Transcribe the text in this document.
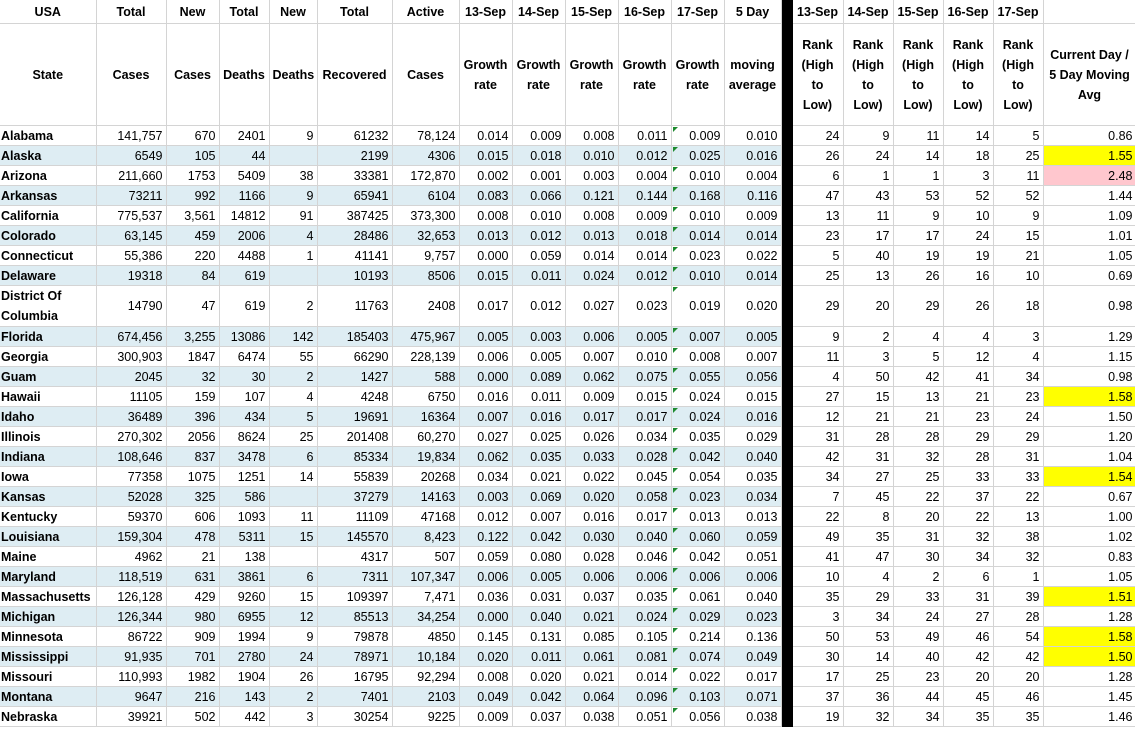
USA	Total	New	Total	New	Total	Active	13-Sep	14-Sep	15-Sep	16-Sep	17-Sep	5 Day		13-Sep	14-Sep	15-Sep	16-Sep	17-Sep	
State	Cases	Cases	Deaths	Deaths	Recovered	Cases	Growth rate	Growth rate	Growth rate	Growth rate	Growth rate	moving average		Rank (High to Low)	Rank (High to Low)	Rank (High to Low)	Rank (High to Low)	Rank (High to Low)	Current Day / 5 Day Moving Avg
Alabama	141,757	670	2401	9	61232	78,124	0.014	0.009	0.008	0.011	0.009	0.010		24	9	11	14	5	0.86
Alaska	6549	105	44		2199	4306	0.015	0.018	0.010	0.012	0.025	0.016		26	24	14	18	25	1.55
Arizona	211,660	1753	5409	38	33381	172,870	0.002	0.001	0.003	0.004	0.010	0.004		6	1	1	3	11	2.48
Arkansas	73211	992	1166	9	65941	6104	0.083	0.066	0.121	0.144	0.168	0.116		47	43	53	52	52	1.44
California	775,537	3,561	14812	91	387425	373,300	0.008	0.010	0.008	0.009	0.010	0.009		13	11	9	10	9	1.09
Colorado	63,145	459	2006	4	28486	32,653	0.013	0.012	0.013	0.018	0.014	0.014		23	17	17	24	15	1.01
Connecticut	55,386	220	4488	1	41141	9,757	0.000	0.059	0.014	0.014	0.023	0.022		5	40	19	19	21	1.05
Delaware	19318	84	619		10193	8506	0.015	0.011	0.024	0.012	0.010	0.014		25	13	26	16	10	0.69
District Of Columbia	14790	47	619	2	11763	2408	0.017	0.012	0.027	0.023	0.019	0.020		29	20	29	26	18	0.98
Florida	674,456	3,255	13086	142	185403	475,967	0.005	0.003	0.006	0.005	0.007	0.005		9	2	4	4	3	1.29
Georgia	300,903	1847	6474	55	66290	228,139	0.006	0.005	0.007	0.010	0.008	0.007		11	3	5	12	4	1.15
Guam	2045	32	30	2	1427	588	0.000	0.089	0.062	0.075	0.055	0.056		4	50	42	41	34	0.98
Hawaii	11105	159	107	4	4248	6750	0.016	0.011	0.009	0.015	0.024	0.015		27	15	13	21	23	1.58
Idaho	36489	396	434	5	19691	16364	0.007	0.016	0.017	0.017	0.024	0.016		12	21	21	23	24	1.50
Illinois	270,302	2056	8624	25	201408	60,270	0.027	0.025	0.026	0.034	0.035	0.029		31	28	28	29	29	1.20
Indiana	108,646	837	3478	6	85334	19,834	0.062	0.035	0.033	0.028	0.042	0.040		42	31	32	28	31	1.04
Iowa	77358	1075	1251	14	55839	20268	0.034	0.021	0.022	0.045	0.054	0.035		34	27	25	33	33	1.54
Kansas	52028	325	586		37279	14163	0.003	0.069	0.020	0.058	0.023	0.034		7	45	22	37	22	0.67
Kentucky	59370	606	1093	11	11109	47168	0.012	0.007	0.016	0.017	0.013	0.013		22	8	20	22	13	1.00
Louisiana	159,304	478	5311	15	145570	8,423	0.122	0.042	0.030	0.040	0.060	0.059		49	35	31	32	38	1.02
Maine	4962	21	138		4317	507	0.059	0.080	0.028	0.046	0.042	0.051		41	47	30	34	32	0.83
Maryland	118,519	631	3861	6	7311	107,347	0.006	0.005	0.006	0.006	0.006	0.006		10	4	2	6	1	1.05
Massachusetts	126,128	429	9260	15	109397	7,471	0.036	0.031	0.037	0.035	0.061	0.040		35	29	33	31	39	1.51
Michigan	126,344	980	6955	12	85513	34,254	0.000	0.040	0.021	0.024	0.029	0.023		3	34	24	27	28	1.28
Minnesota	86722	909	1994	9	79878	4850	0.145	0.131	0.085	0.105	0.214	0.136		50	53	49	46	54	1.58
Mississippi	91,935	701	2780	24	78971	10,184	0.020	0.011	0.061	0.081	0.074	0.049		30	14	40	42	42	1.50
Missouri	110,993	1982	1904	26	16795	92,294	0.008	0.020	0.021	0.014	0.022	0.017		17	25	23	20	20	1.28
Montana	9647	216	143	2	7401	2103	0.049	0.042	0.064	0.096	0.103	0.071		37	36	44	45	46	1.45
Nebraska	39921	502	442	3	30254	9225	0.009	0.037	0.038	0.051	0.056	0.038		19	32	34	35	35	1.46
